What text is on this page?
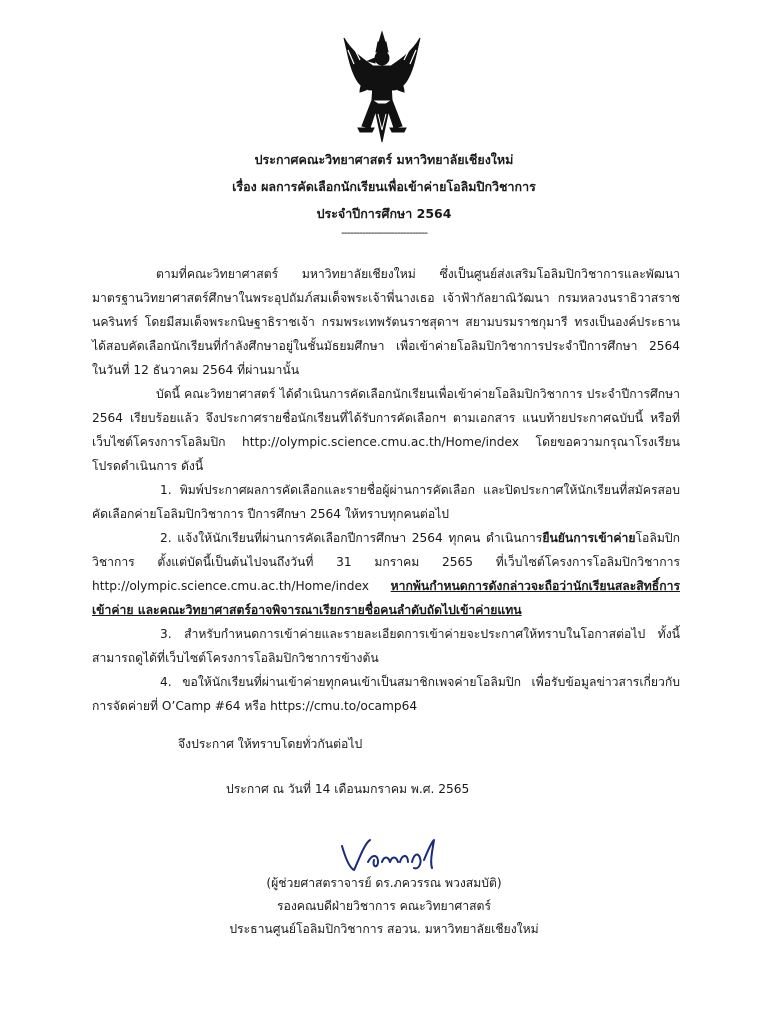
ประกาศคณะวิทยาศาสตร์ มหาวิทยาลัยเชียงใหม่
เรื่อง ผลการคัดเลือกนักเรียนเพื่อเข้าค่ายโอลิมปิกวิชาการ
ประจำปีการศึกษา 2564
-----------------------------

ตามที่คณะวิทยาศาสตร์ มหาวิทยาลัยเชียงใหม่ ซึ่งเป็นศูนย์ส่งเสริมโอลิมปิกวิชาการและพัฒนามาตรฐานวิทยาศาสตร์ศึกษาในพระอุปถัมภ์สมเด็จพระเจ้าพี่นางเธอ เจ้าฟ้ากัลยาณิวัฒนา กรมหลวงนราธิวาสราชนครินทร์ โดยมีสมเด็จพระกนิษฐาธิราชเจ้า กรมพระเทพรัตนราชสุดาฯ สยามบรมราชกุมารี ทรงเป็นองค์ประธาน ได้สอบคัดเลือกนักเรียนที่กำลังศึกษาอยู่ในชั้นมัธยมศึกษา เพื่อเข้าค่ายโอลิมปิกวิชาการประจำปีการศึกษา 2564 ในวันที่ 12 ธันวาคม 2564 ที่ผ่านมานั้น

บัดนี้ คณะวิทยาศาสตร์ ได้ดำเนินการคัดเลือกนักเรียนเพื่อเข้าค่ายโอลิมปิกวิชาการ ประจำปีการศึกษา 2564 เรียบร้อยแล้ว จึงประกาศรายชื่อนักเรียนที่ได้รับการคัดเลือกฯ ตามเอกสาร แนบท้ายประกาศฉบับนี้ หรือที่เว็บไซต์โครงการโอลิมปิก http://olympic.science.cmu.ac.th/Home/index โดยขอความกรุณาโรงเรียนโปรดดำเนินการ ดังนี้

1. พิมพ์ประกาศผลการคัดเลือกและรายชื่อผู้ผ่านการคัดเลือก และปิดประกาศให้นักเรียนที่สมัครสอบคัดเลือกค่ายโอลิมปิกวิชาการ ปีการศึกษา 2564 ให้ทราบทุกคนต่อไป

2. แจ้งให้นักเรียนที่ผ่านการคัดเลือกปีการศึกษา 2564 ทุกคน ดำเนินการยืนยันการเข้าค่ายโอลิมปิกวิชาการ ตั้งแต่บัดนี้เป็นต้นไปจนถึงวันที่ 31 มกราคม 2565 ที่เว็บไซต์โครงการโอลิมปิกวิชาการ http://olympic.science.cmu.ac.th/Home/index หากพ้นกำหนดการดังกล่าวจะถือว่านักเรียนสละสิทธิ์การเข้าค่าย และคณะวิทยาศาสตร์อาจพิจารณาเรียกรายชื่อคนลำดับถัดไปเข้าค่ายแทน

3. สำหรับกำหนดการเข้าค่ายและรายละเอียดการเข้าค่ายจะประกาศให้ทราบในโอกาสต่อไป ทั้งนี้สามารถดูได้ที่เว็บไซต์โครงการโอลิมปิกวิชาการข้างต้น

4. ขอให้นักเรียนที่ผ่านเข้าค่ายทุกคนเข้าเป็นสมาชิกเพจค่ายโอลิมปิก เพื่อรับข้อมูลข่าวสารเกี่ยวกับการจัดค่ายที่ O’Camp #64 หรือ https://cmu.to/ocamp64

จึงประกาศ ให้ทราบโดยทั่วกันต่อไป
ประกาศ ณ วันที่ 14 เดือนมกราคม พ.ศ. 2565
(ผู้ช่วยศาสตราจารย์ ดร.ภควรรณ พวงสมบัติ)
รองคณบดีฝ่ายวิชาการ คณะวิทยาศาสตร์
ประธานศูนย์โอลิมปิกวิชาการ สอวน. มหาวิทยาลัยเชียงใหม่
